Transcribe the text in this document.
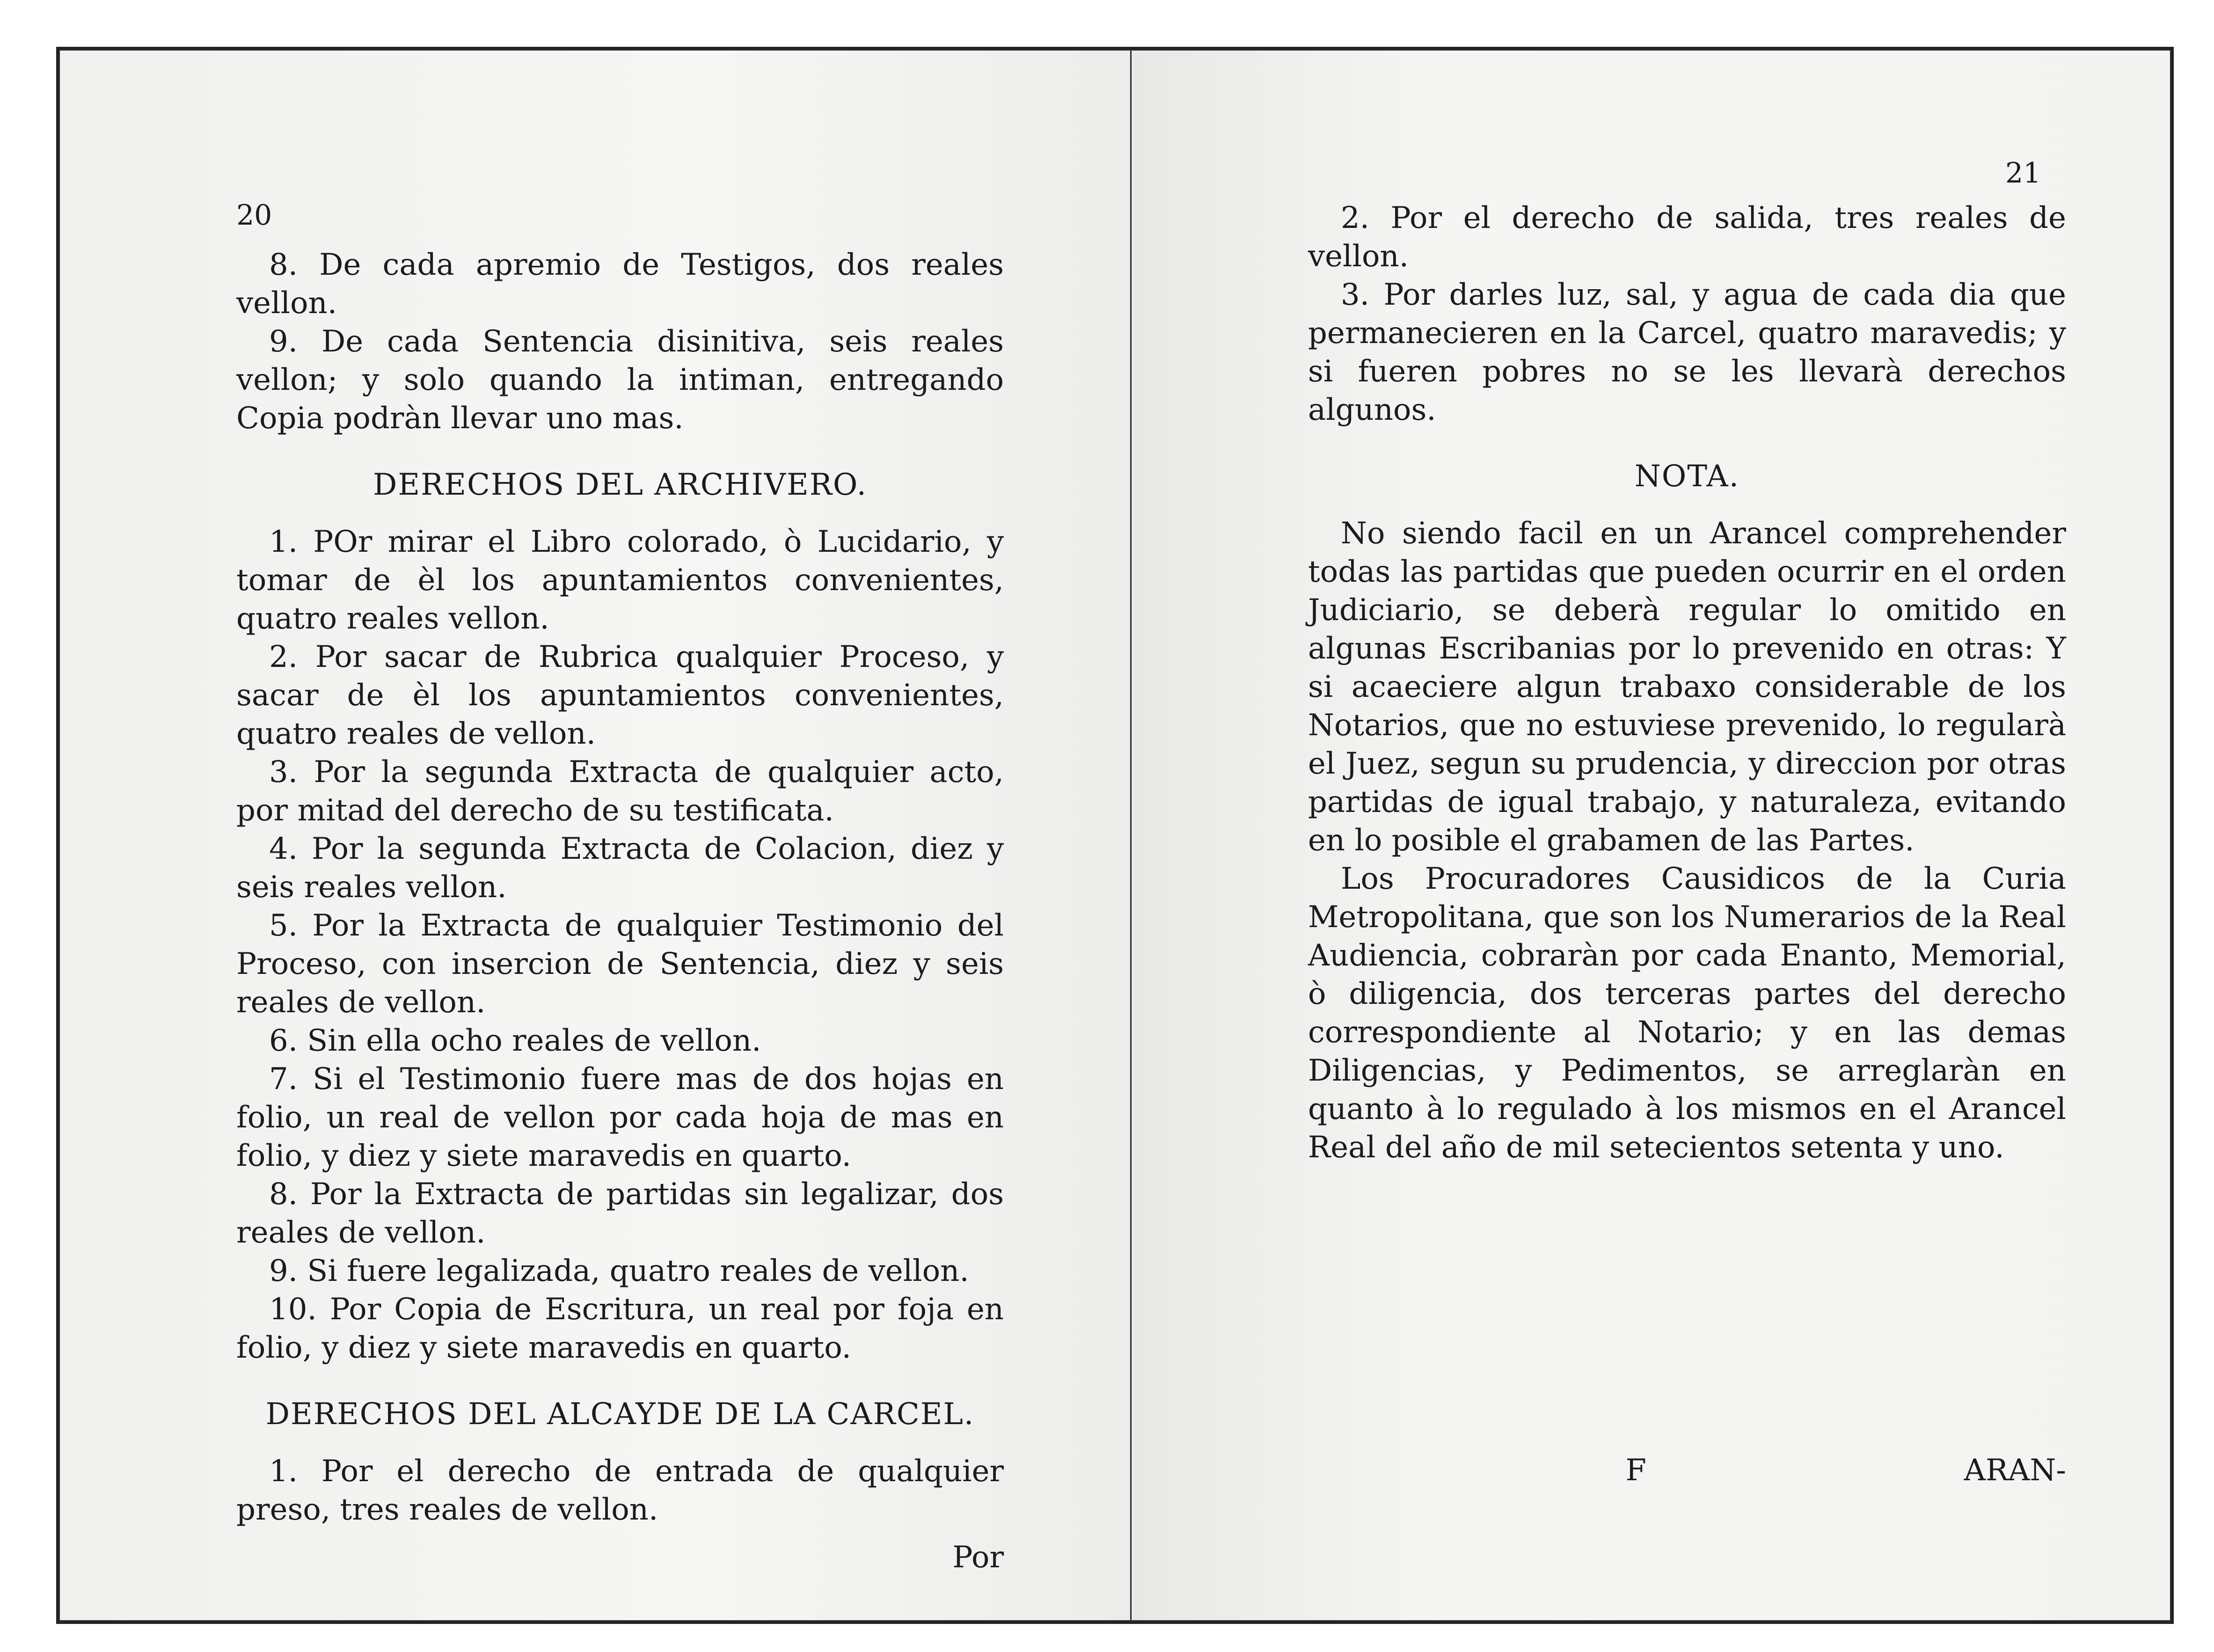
20

8. De cada apremio de Testigos, dos reales vellon.

9. De cada Sentencia disinitiva, seis reales vellon; y solo quando la intiman, entregando Copia podràn llevar uno mas.

DERECHOS DEL ARCHIVERO.

1. POr mirar el Libro colorado, ò Lucidario, y tomar de èl los apuntamientos convenientes, quatro reales vellon.

2. Por sacar de Rubrica qualquier Proceso, y sacar de èl los apuntamientos convenientes, quatro reales de vellon.

3. Por la segunda Extracta de qualquier acto, por mitad del derecho de su testificata.

4. Por la segunda Extracta de Colacion, diez y seis reales vellon.

5. Por la Extracta de qualquier Testimonio del Proceso, con insercion de Sentencia, diez y seis reales de vellon.

6. Sin ella ocho reales de vellon.

7. Si el Testimonio fuere mas de dos hojas en folio, un real de vellon por cada hoja de mas en folio, y diez y siete maravedis en quarto.

8. Por la Extracta de partidas sin legalizar, dos reales de vellon.

9. Si fuere legalizada, quatro reales de vellon.

10. Por Copia de Escritura, un real por foja en folio, y diez y siete maravedis en quarto.

DERECHOS DEL ALCAYDE DE LA CARCEL.

1. Por el derecho de entrada de qualquier preso, tres reales de vellon.

Por

21

2. Por el derecho de salida, tres reales de vellon.

3. Por darles luz, sal, y agua de cada dia que permanecieren en la Carcel, quatro maravedis; y si fueren pobres no se les llevarà derechos algunos.

NOTA.

No siendo facil en un Arancel comprehender todas las partidas que pueden ocurrir en el orden Judiciario, se deberà regular lo omitido en algunas Escribanias por lo prevenido en otras: Y si acaeciere algun trabaxo considerable de los Notarios, que no estuviese prevenido, lo regularà el Juez, segun su prudencia, y direccion por otras partidas de igual trabajo, y naturaleza, evitando en lo posible el grabamen de las Partes.

Los Procuradores Causidicos de la Curia Metropolitana, que son los Numerarios de la Real Audiencia, cobraràn por cada Enanto, Memorial, ò diligencia, dos terceras partes del derecho correspondiente al Notario; y en las demas Diligencias, y Pedimentos, se arreglaràn en quanto à lo regulado à los mismos en el Arancel Real del año de mil setecientos setenta y uno.

F	ARAN-
